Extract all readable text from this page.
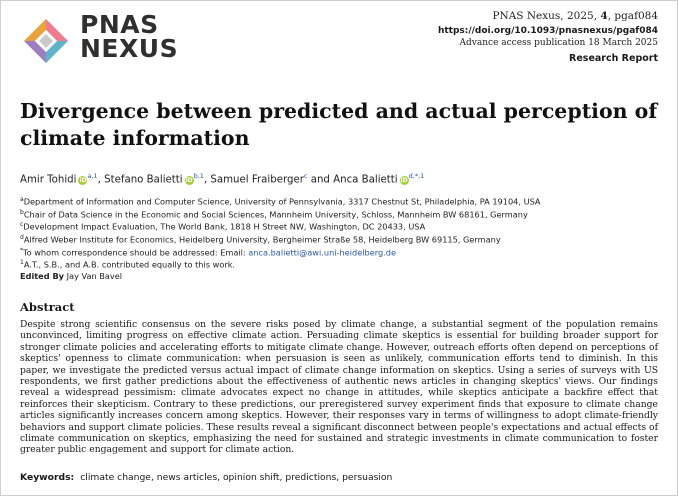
PNAS
NEXUS
PNAS Nexus, 2025, 4, pgaf084
https://doi.org/10.1093/pnasnexus/pgaf084
Advance access publication 18 March 2025
Research Report
Divergence between predicted and actual perception of climate information
Amir Tohidi iD$^{a,1}$, Stefano Balietti iD$^{b,1}$, Samuel Fraiberger$^c$ and Anca Balietti $iD^{d,*,1}$
$^a$Department of Information and Computer Science, University of Pennsylvania, 3317 Chestnut St, Philadelphia, PA 19104, USA
$^b$Chair of Data Science in the Economic and Social Sciences, Mannheim University, Schloss, Mannheim BW 68161, Germany
$^c$Development Impact Evaluation, The World Bank, 1818 H Street NW, Washington, DC 20433, USA
$^d$Alfred Weber Institute for Economics, Heidelberg University, Bergheimer Straße 58, Heidelberg BW 69115, Germany
*To whom correspondence should be addressed: Email: anca.balietti@awi.uni-heidelberg.de
$^1$A.T., S.B., and A.B. contributed equally to this work.
Edited By Jay Van Bavel
Abstract
Despite strong scientific consensus on the severe risks posed by climate change, a substantial segment of the population remains unconvinced, limiting progress on effective climate action. Persuading climate skeptics is essential for building broader support for stronger climate policies and accelerating efforts to mitigate climate change. However, outreach efforts often depend on perceptions of skeptics' openness to climate communication: when persuasion is seen as unlikely, communication efforts tend to diminish. In this paper, we investigate the predicted versus actual impact of climate change information on skeptics. Using a series of surveys with US respondents, we first gather predictions about the effectiveness of authentic news articles in changing skeptics' views. Our findings reveal a widespread pessimism: climate advocates expect no change in attitudes, while skeptics anticipate a backfire effect that reinforces their skepticism. Contrary to these predictions, our preregistered survey experiment finds that exposure to climate change articles significantly increases concern among skeptics. However, their responses vary in terms of willingness to adopt climate-friendly behaviors and support climate policies. These results reveal a significant disconnect between people's expectations and actual effects of climate communication on skeptics, emphasizing the need for sustained and strategic investments in climate communication to foster greater public engagement and support for climate action.
Keywords: climate change, news articles, opinion shift, predictions, persuasion
